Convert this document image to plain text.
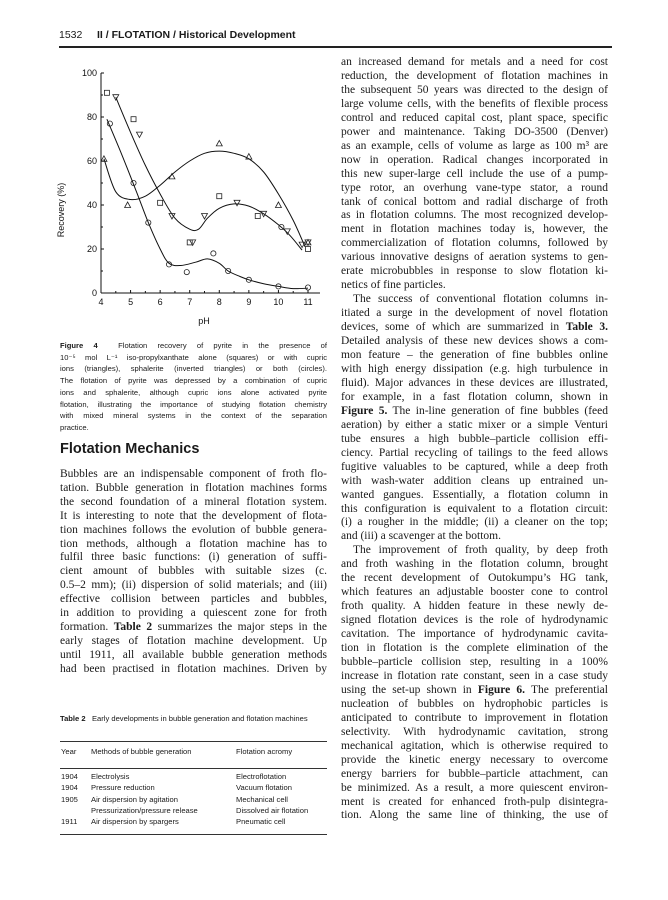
1532 II / FLOTATION / Historical Development
4	5	6	7	8	9 10 11
0
20
40
60
80
100
Recovery (%)
pH
Figure 4  Flotation recovery of pyrite in the presence of
10⁻⁵ mol L⁻¹ iso-propylxanthate alone (squares) or with cupric
ions (triangles), sphalerite (inverted triangles) or both (circles).
The flotation of pyrite was depressed by a combination of cupric
ions and sphalerite, although cupric ions alone activated pyrite
flotation, illustrating the importance of studying flotation chemistry
with mixed mineral systems in the context of the separation
practice.
Flotation Mechanics
Bubbles are an indispensable component of froth flo-
tation. Bubble generation in flotation machines forms
the second foundation of a mineral flotation system.
It is interesting to note that the development of flota-
tion machines follows the evolution of bubble genera-
tion methods, although a flotation machine has to
fulfil three basic functions: (i) generation of suffi-
cient amount of bubbles with suitable sizes (c.
0.5–2 mm); (ii) dispersion of solid materials; and (iii)
effective collision between particles and bubbles,
in addition to providing a quiescent zone for froth
formation. Table 2 summarizes the major steps in the
early stages of flotation machine development. Up
until 1911, all available bubble generation methods
had been practised in flotation machines. Driven by
Table 2 Early developments in bubble generation and flotation machines
Year Methods of bubble generation	Flotation acromy
1904 Electrolysis	Electroflotation
1904 Pressure reduction	Vacuum flotation
1905 Air dispersion by agitation	Mechanical cell
Pressurization/pressure release	Dissolved air flotation
1911 Air dispersion by spargers	Pneumatic cell
an increased demand for metals and a need for cost
reduction, the development of flotation machines in
the subsequent 50 years was directed to the design of
large volume cells, with the benefits of flexible process
control and reduced capital cost, plant space, specific
power and maintenance. Taking DO-3500 (Denver)
as an example, cells of volume as large as 100 m³ are
now in operation. Radical changes incorporated in
this new super-large cell include the use of a pump-
type rotor, an overhung vane-type stator, a round
tank of conical bottom and radial discharge of froth
as in flotation columns. The most recognized develop-
ment in flotation machines today is, however, the
commercialization of flotation columns, followed by
various innovative designs of aeration systems to gen-
erate microbubbles in response to slow flotation ki-
netics of fine particles.
The success of conventional flotation columns in-
itiated a surge in the development of novel flotation
devices, some of which are summarized in Table 3.
Detailed analysis of these new devices shows a com-
mon feature – the generation of fine bubbles online
with high energy dissipation (e.g. high turbulence in
fluid). Major advances in these devices are illustrated,
for example, in a fast flotation column, shown in
Figure 5. The in-line generation of fine bubbles (feed
aeration) by either a static mixer or a simple Venturi
tube ensures a high bubble–particle collision effi-
ciency. Partial recycling of tailings to the feed allows
fugitive valuables to be captured, while a deep froth
with wash-water addition cleans up entrained un-
wanted gangues. Essentially, a flotation column in
this configuration is equivalent to a flotation circuit:
(i) a rougher in the middle; (ii) a cleaner on the top;
and (iii) a scavenger at the bottom.
The improvement of froth quality, by deep froth
and froth washing in the flotation column, brought
the recent development of Outokumpu’s HG tank,
which features an adjustable booster cone to control
froth quality. A hidden feature in these newly de-
signed flotation devices is the role of hydrodynamic
cavitation. The importance of hydrodynamic cavita-
tion in flotation is the complete elimination of the
bubble–particle collision step, resulting in a 100%
increase in flotation rate constant, seen in a case study
using the set-up shown in Figure 6. The preferential
nucleation of bubbles on hydrophobic particles is
anticipated to contribute to improvement in flotation
selectivity. With hydrodynamic cavitation, strong
mechanical agitation, which is otherwise required to
provide the kinetic energy necessary to overcome
energy barriers for bubble–particle attachment, can
be minimized. As a result, a more quiescent environ-
ment is created for enhanced froth-pulp disintegra-
tion. Along the same line of thinking, the use of
